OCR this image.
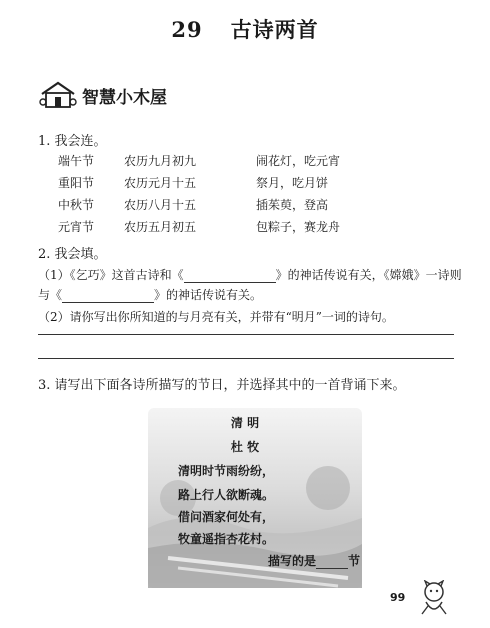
29 古诗两首
智慧小木屋
1. 我会连。
端午节	农历九月初九	闹花灯，吃元宵
重阳节	农历元月十五	祭月，吃月饼
中秋节	农历八月十五	插茱萸，登高
元宵节	农历五月初五	包粽子，赛龙舟
2. 我会填。
（1）《乞巧》这首古诗和《	》的神话传说有关，《嫦娥》一诗则
与《	》的神话传说有关。
（2）请你写出你所知道的与月亮有关，并带有“明月”一词的诗句。
3. 请写出下面各诗所描写的节日，并选择其中的一首背诵下来。
清 明
杜 牧
清明时节雨纷纷，
路上行人欲断魂。
借问酒家何处有，
牧童遥指杏花村。
描写的是	节
99
